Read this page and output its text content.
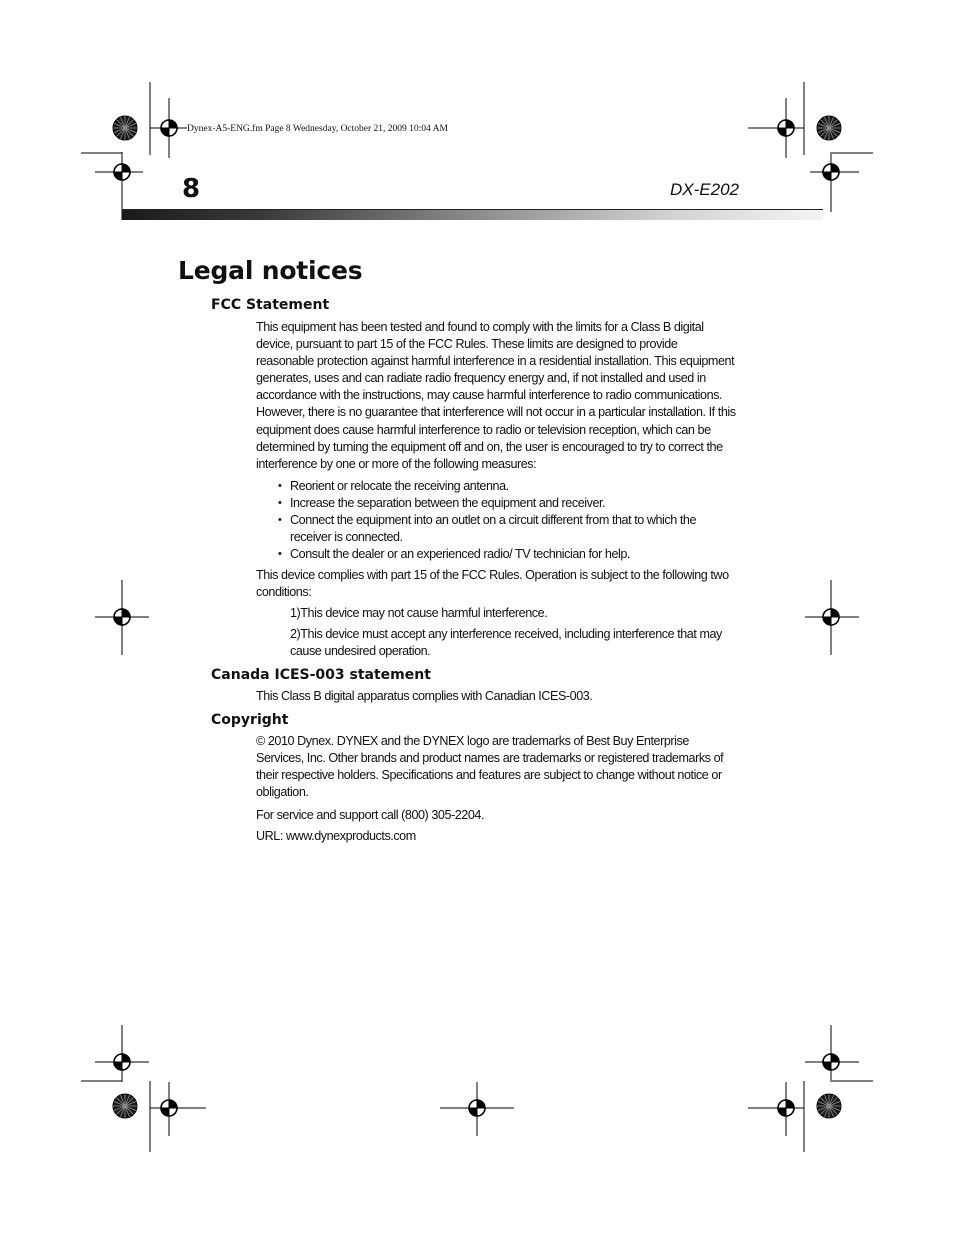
Dynex-A5-ENG.fm Page 8 Wednesday, October 21, 2009 10:04 AM
8	DX-E202
Legal notices
FCC Statement

This equipment has been tested and found to comply with the limits for a Class B digital device, pursuant to part 15 of the FCC Rules. These limits are designed to provide reasonable protection against harmful interference in a residential installation. This equipment generates, uses and can radiate radio frequency energy and, if not installed and used in accordance with the instructions, may cause harmful interference to radio communications. However, there is no guarantee that interference will not occur in a particular installation. If this equipment does cause harmful interference to radio or television reception, which can be determined by turning the equipment off and on, the user is encouraged to try to correct the interference by one or more of the following measures:

• Reorient or relocate the receiving antenna.
• Increase the separation between the equipment and receiver.
• Connect the equipment into an outlet on a circuit different from that to which the receiver is connected.
• Consult the dealer or an experienced radio/ TV technician for help.

This device complies with part 15 of the FCC Rules. Operation is subject to the following two conditions:

1)This device may not cause harmful interference.

2)This device must accept any interference received, including interference that may cause undesired operation.

Canada ICES-003 statement

This Class B digital apparatus complies with Canadian ICES-003.

Copyright

© 2010 Dynex. DYNEX and the DYNEX logo are trademarks of Best Buy Enterprise Services, Inc. Other brands and product names are trademarks or registered trademarks of their respective holders. Specifications and features are subject to change without notice or obligation.

For service and support call (800) 305-2204.

URL: www.dynexproducts.com
